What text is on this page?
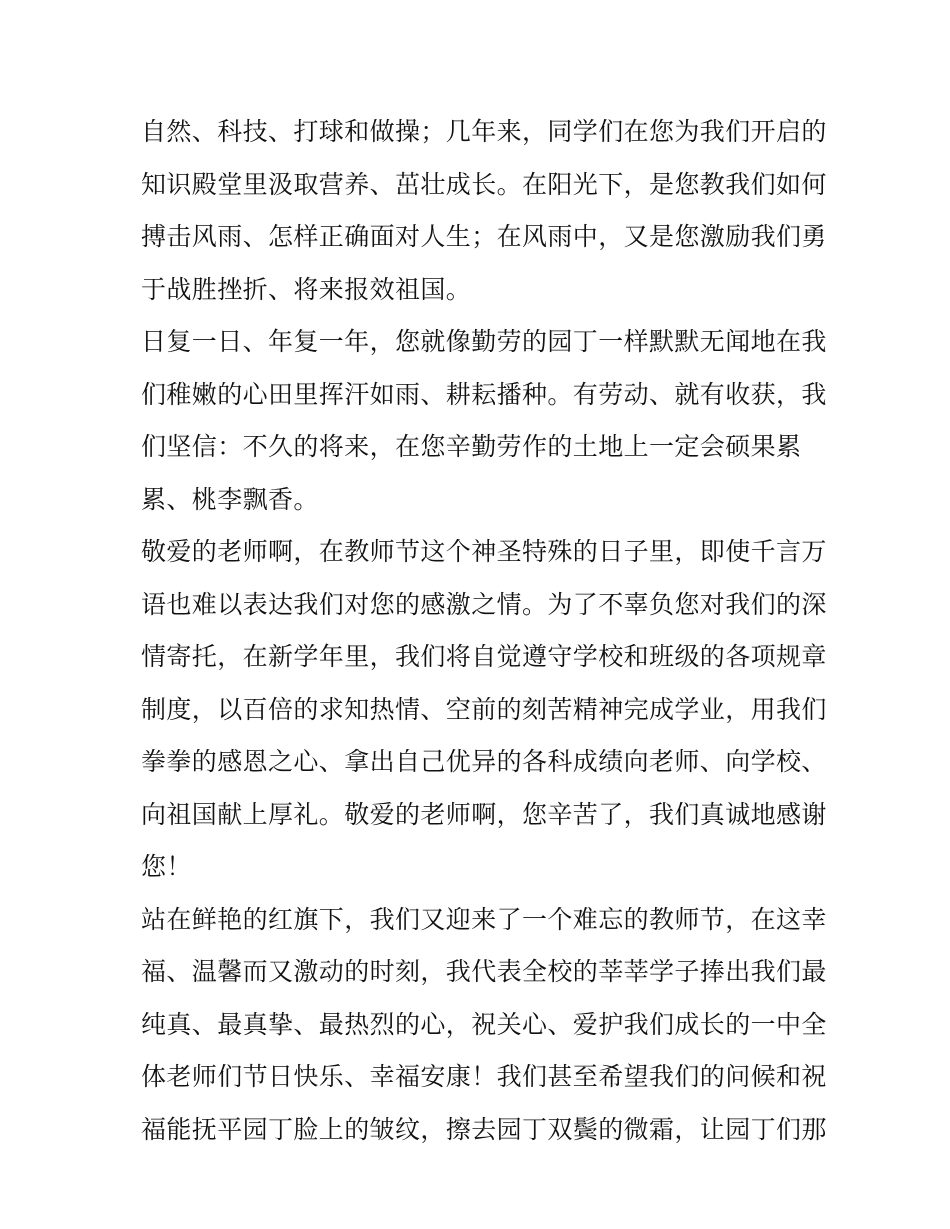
自然、科技、打球和做操；几年来，同学们在您为我们开启的
知识殿堂里汲取营养、茁壮成长。在阳光下，是您教我们如何
搏击风雨、怎样正确面对人生；在风雨中，又是您激励我们勇
于战胜挫折、将来报效祖国。
日复一日、年复一年，您就像勤劳的园丁一样默默无闻地在我
们稚嫩的心田里挥汗如雨、耕耘播种。有劳动、就有收获，我
们坚信：不久的将来，在您辛勤劳作的土地上一定会硕果累
累、桃李飘香。
敬爱的老师啊，在教师节这个神圣特殊的日子里，即使千言万
语也难以表达我们对您的感激之情。为了不辜负您对我们的深
情寄托，在新学年里，我们将自觉遵守学校和班级的各项规章
制度，以百倍的求知热情、空前的刻苦精神完成学业，用我们
拳拳的感恩之心、拿出自己优异的各科成绩向老师、向学校、
向祖国献上厚礼。敬爱的老师啊，您辛苦了，我们真诚地感谢
您！
站在鲜艳的红旗下，我们又迎来了一个难忘的教师节，在这幸
福、温馨而又激动的时刻，我代表全校的莘莘学子捧出我们最
纯真、最真挚、最热烈的心，祝关心、爱护我们成长的一中全
体老师们节日快乐、幸福安康！我们甚至希望我们的问候和祝
福能抚平园丁脸上的皱纹，擦去园丁双鬓的微霜，让园丁们那
